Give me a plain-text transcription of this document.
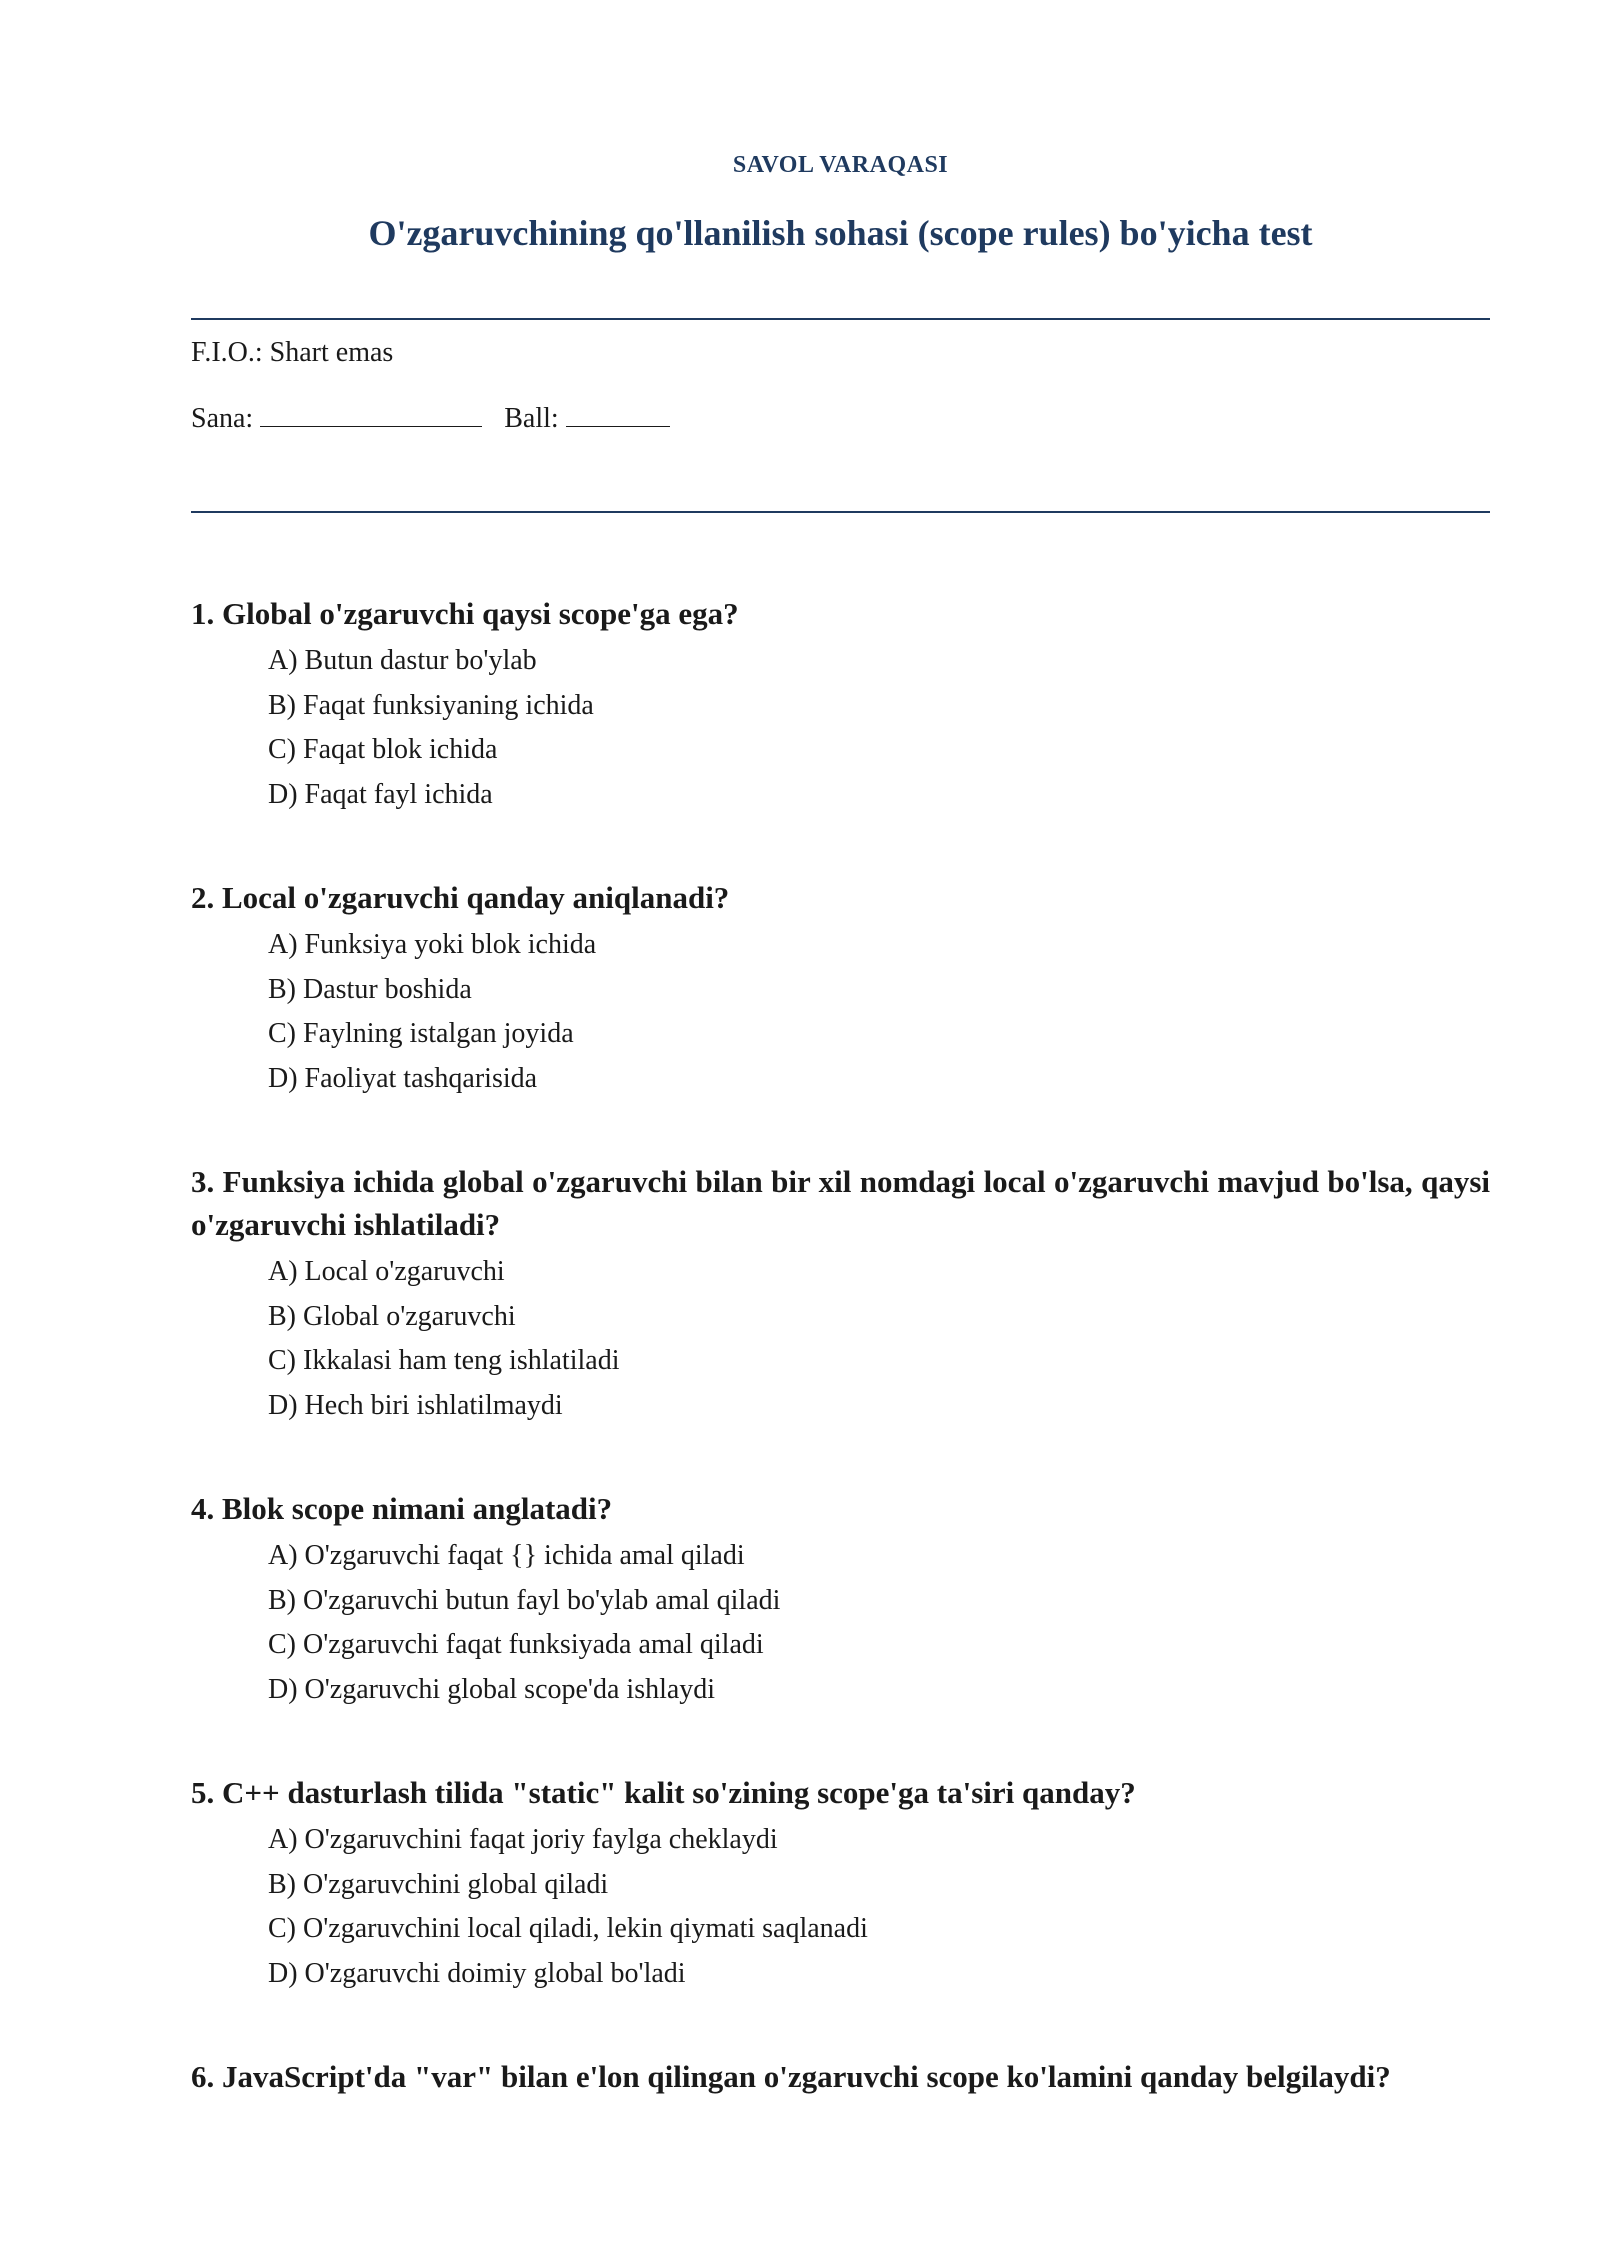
SAVOL VARAQASI
O'zgaruvchining qo'llanilish sohasi (scope rules) bo'yicha test
F.I.O.: Shart emas
Sana:	Ball:
1. Global o'zgaruvchi qaysi scope'ga ega?
A) Butun dastur bo'ylab
B) Faqat funksiyaning ichida
C) Faqat blok ichida
D) Faqat fayl ichida
2. Local o'zgaruvchi qanday aniqlanadi?
A) Funksiya yoki blok ichida
B) Dastur boshida
C) Faylning istalgan joyida
D) Faoliyat tashqarisida
3. Funksiya ichida global o'zgaruvchi bilan bir xil nomdagi local o'zgaruvchi mavjud bo'lsa, qaysi o'zgaruvchi ishlatiladi?
A) Local o'zgaruvchi
B) Global o'zgaruvchi
C) Ikkalasi ham teng ishlatiladi
D) Hech biri ishlatilmaydi
4. Blok scope nimani anglatadi?
A) O'zgaruvchi faqat {} ichida amal qiladi
B) O'zgaruvchi butun fayl bo'ylab amal qiladi
C) O'zgaruvchi faqat funksiyada amal qiladi
D) O'zgaruvchi global scope'da ishlaydi
5. C++ dasturlash tilida "static" kalit so'zining scope'ga ta'siri qanday?
A) O'zgaruvchini faqat joriy faylga cheklaydi
B) O'zgaruvchini global qiladi
C) O'zgaruvchini local qiladi, lekin qiymati saqlanadi
D) O'zgaruvchi doimiy global bo'ladi
6. JavaScript'da "var" bilan e'lon qilingan o'zgaruvchi scope ko'lamini qanday belgilaydi?
